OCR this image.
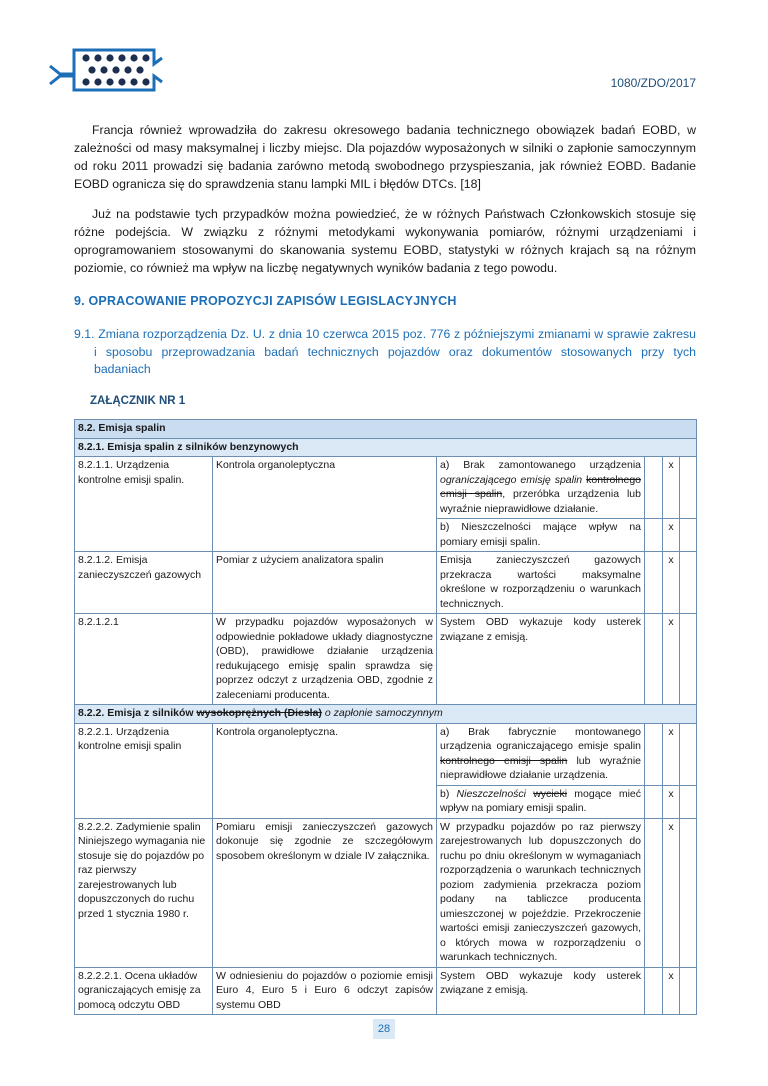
1080/ZDO/2017

Francja również wprowadziła do zakresu okresowego badania technicznego obowiązek badań EOBD, w zależności od masy maksymalnej i liczby miejsc. Dla pojazdów wyposażonych w silniki o zapłonie samoczynnym od roku 2011 prowadzi się badania zarówno metodą swobodnego przyspieszania, jak również EOBD. Badanie EOBD ogranicza się do sprawdzenia stanu lampki MIL i błędów DTCs. [18]

Już na podstawie tych przypadków można powiedzieć, że w różnych Państwach Członkowskich stosuje się różne podejścia. W związku z różnymi metodykami wykonywania pomiarów, różnymi urządzeniami i oprogramowaniem stosowanymi do skanowania systemu EOBD, statystyki w różnych krajach są na różnym poziomie, co również ma wpływ na liczbę negatywnych wyników badania z tego powodu.

9. OPRACOWANIE PROPOZYCJI ZAPISÓW LEGISLACYJNYCH

9.1. Zmiana rozporządzenia Dz. U. z dnia 10 czerwca 2015 poz. 776 z późniejszymi zmianami w sprawie zakresu i sposobu przeprowadzania badań technicznych pojazdów oraz dokumentów stosowanych przy tych badaniach

ZAŁĄCZNIK NR 1

8.2. Emisja spalin					
8.2.1. Emisja spalin z silników benzynowych					
8.2.1.1. Urządzenia kontrolne emisji spalin.	Kontrola organoleptyczna	a) Brak zamontowanego urządzenia ograniczającego emisję spalin kontrolnego emisji spalin, przeróbka urządzenia lub wyraźnie nieprawidłowe działanie.		x	
		b) Nieszczelności mające wpływ na pomiary emisji spalin.		x	
8.2.1.2. Emisja zanieczyszczeń gazowych	Pomiar z użyciem analizatora spalin	Emisja zanieczyszczeń gazowych przekracza wartości maksymalne określone w rozporządzeniu o warunkach technicznych.		x	
8.2.1.2.1	W przypadku pojazdów wyposażonych w odpowiednie pokładowe układy diagnostyczne (OBD), prawidłowe działanie urządzenia redukującego emisję spalin sprawdza się poprzez odczyt z urządzenia OBD, zgodnie z zaleceniami producenta.	System OBD wykazuje kody usterek związane z emisją.		x	
8.2.2. Emisja z silników wysokoprężnych (Diesla) o zapłonie samoczynnym					
8.2.2.1. Urządzenia kontrolne emisji spalin	Kontrola organoleptyczna.	a) Brak fabrycznie montowanego urządzenia ograniczającego emisje spalin kontrolnego emisji spalin lub wyraźnie nieprawidłowe działanie urządzenia.		x	
		b) Nieszczelności wycieki mogące mieć wpływ na pomiary emisji spalin.		x	
8.2.2.2. Zadymienie spalin Niniejszego wymagania nie stosuje się do pojazdów po raz pierwszy zarejestrowanych lub dopuszczonych do ruchu przed 1 stycznia 1980 r.	Pomiaru emisji zanieczyszczeń gazowych dokonuje się zgodnie ze szczegółowym sposobem określonym w dziale IV załącznika.	W przypadku pojazdów po raz pierwszy zarejestrowanych lub dopuszczonych do ruchu po dniu określonym w wymaganiach rozporządzenia o warunkach technicznych poziom zadymienia przekracza poziom podany na tabliczce producenta umieszczonej w pojeździe. Przekroczenie wartości emisji zanieczyszczeń gazowych, o których mowa w rozporządzeniu o warunkach technicznych.		x	
8.2.2.2.1. Ocena układów ograniczających emisję za pomocą odczytu OBD	W odniesieniu do pojazdów o poziomie emisji Euro 4, Euro 5 i Euro 6 odczyt zapisów systemu OBD	System OBD wykazuje kody usterek związane z emisją.		x	
28
